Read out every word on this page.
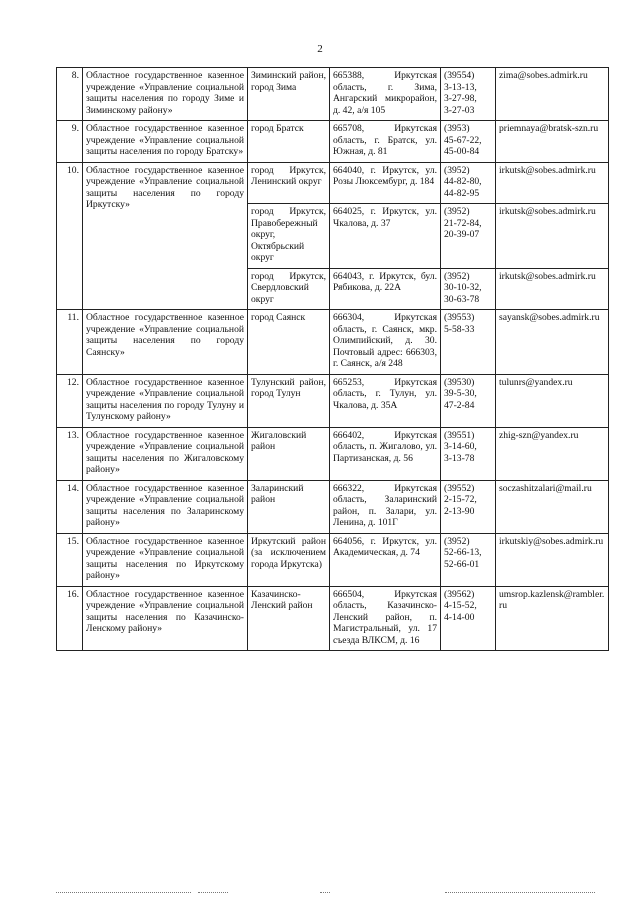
2
8.	Областное государственное казенное учреждение «Управление социальной защиты населения по городу Зиме и Зиминскому району»	Зиминский район, город Зима	665388, Иркутская область, г. Зима, Ангарский микрорайон, д. 42, а/я 105	(39554)
3-13-13,
3-27-98,
3-27-03	zima@sobes.admirk.ru
9.	Областное государственное казенное учреждение «Управление социальной защиты населения по городу Братску»	город Братск	665708, Иркутская область, г. Братск, ул. Южная, д. 81	(3953)
45-67-22,
45-00-84	priemnaya@bratsk-szn.ru
10.	Областное государственное казенное учреждение «Управление социальной защиты населения по городу Иркутску»	город Иркутск, Ленинский округ	664040, г. Иркутск, ул. Розы Люксембург, д. 184	(3952)
44-82-80,
44-82-95	irkutsk@sobes.admirk.ru
		город Иркутск, Правобережный округ, Октябрьский округ	664025, г. Иркутск, ул. Чкалова, д. 37	(3952)
21-72-84,
20-39-07	irkutsk@sobes.admirk.ru
		город Иркутск, Свердловский округ	664043, г. Иркутск, бул. Рябикова, д. 22А	(3952)
30-10-32,
30-63-78	irkutsk@sobes.admirk.ru
11.	Областное государственное казенное учреждение «Управление социальной защиты населения по городу Саянску»	город Саянск	666304, Иркутская область, г. Саянск, мкр. Олимпийский, д. 30. Почтовый адрес: 666303, г. Саянск, а/я 248	(39553)
5-58-33	sayansk@sobes.admirk.ru
12.	Областное государственное казенное учреждение «Управление социальной защиты населения по городу Тулуну и Тулунскому району»	Тулунский район, город Тулун	665253, Иркутская область, г. Тулун, ул. Чкалова, д. 35А	(39530)
39-5-30,
47-2-84	tulunrs@yandex.ru
13.	Областное государственное казенное учреждение «Управление социальной защиты населения по Жигаловскому району»	Жигаловский район	666402, Иркутская область, п. Жигалово, ул. Партизанская, д. 56	(39551)
3-14-60,
3-13-78	zhig-szn@yandex.ru
14.	Областное государственное казенное учреждение «Управление социальной защиты населения по Заларинскому району»	Заларинский район	666322, Иркутская область, Заларинский район, п. Залари, ул. Ленина, д. 101Г	(39552)
2-15-72,
2-13-90	soczashitzalari@mail.ru
15.	Областное государственное казенное учреждение «Управление социальной защиты населения по Иркутскому району»	Иркутский район (за исключением города Иркутска)	664056, г. Иркутск, ул. Академическая, д. 74	(3952)
52-66-13,
52-66-01	irkutskiy@sobes.admirk.ru
16.	Областное государственное казенное учреждение «Управление социальной защиты населения по Казачинско-Ленскому району»	Казачинско-Ленский район	666504, Иркутская область, Казачинско-Ленский район, п. Магистральный, ул. 17 съезда ВЛКСМ, д. 16	(39562)
4-15-52,
4-14-00	umsrop.kazlensk@rambler.ru
